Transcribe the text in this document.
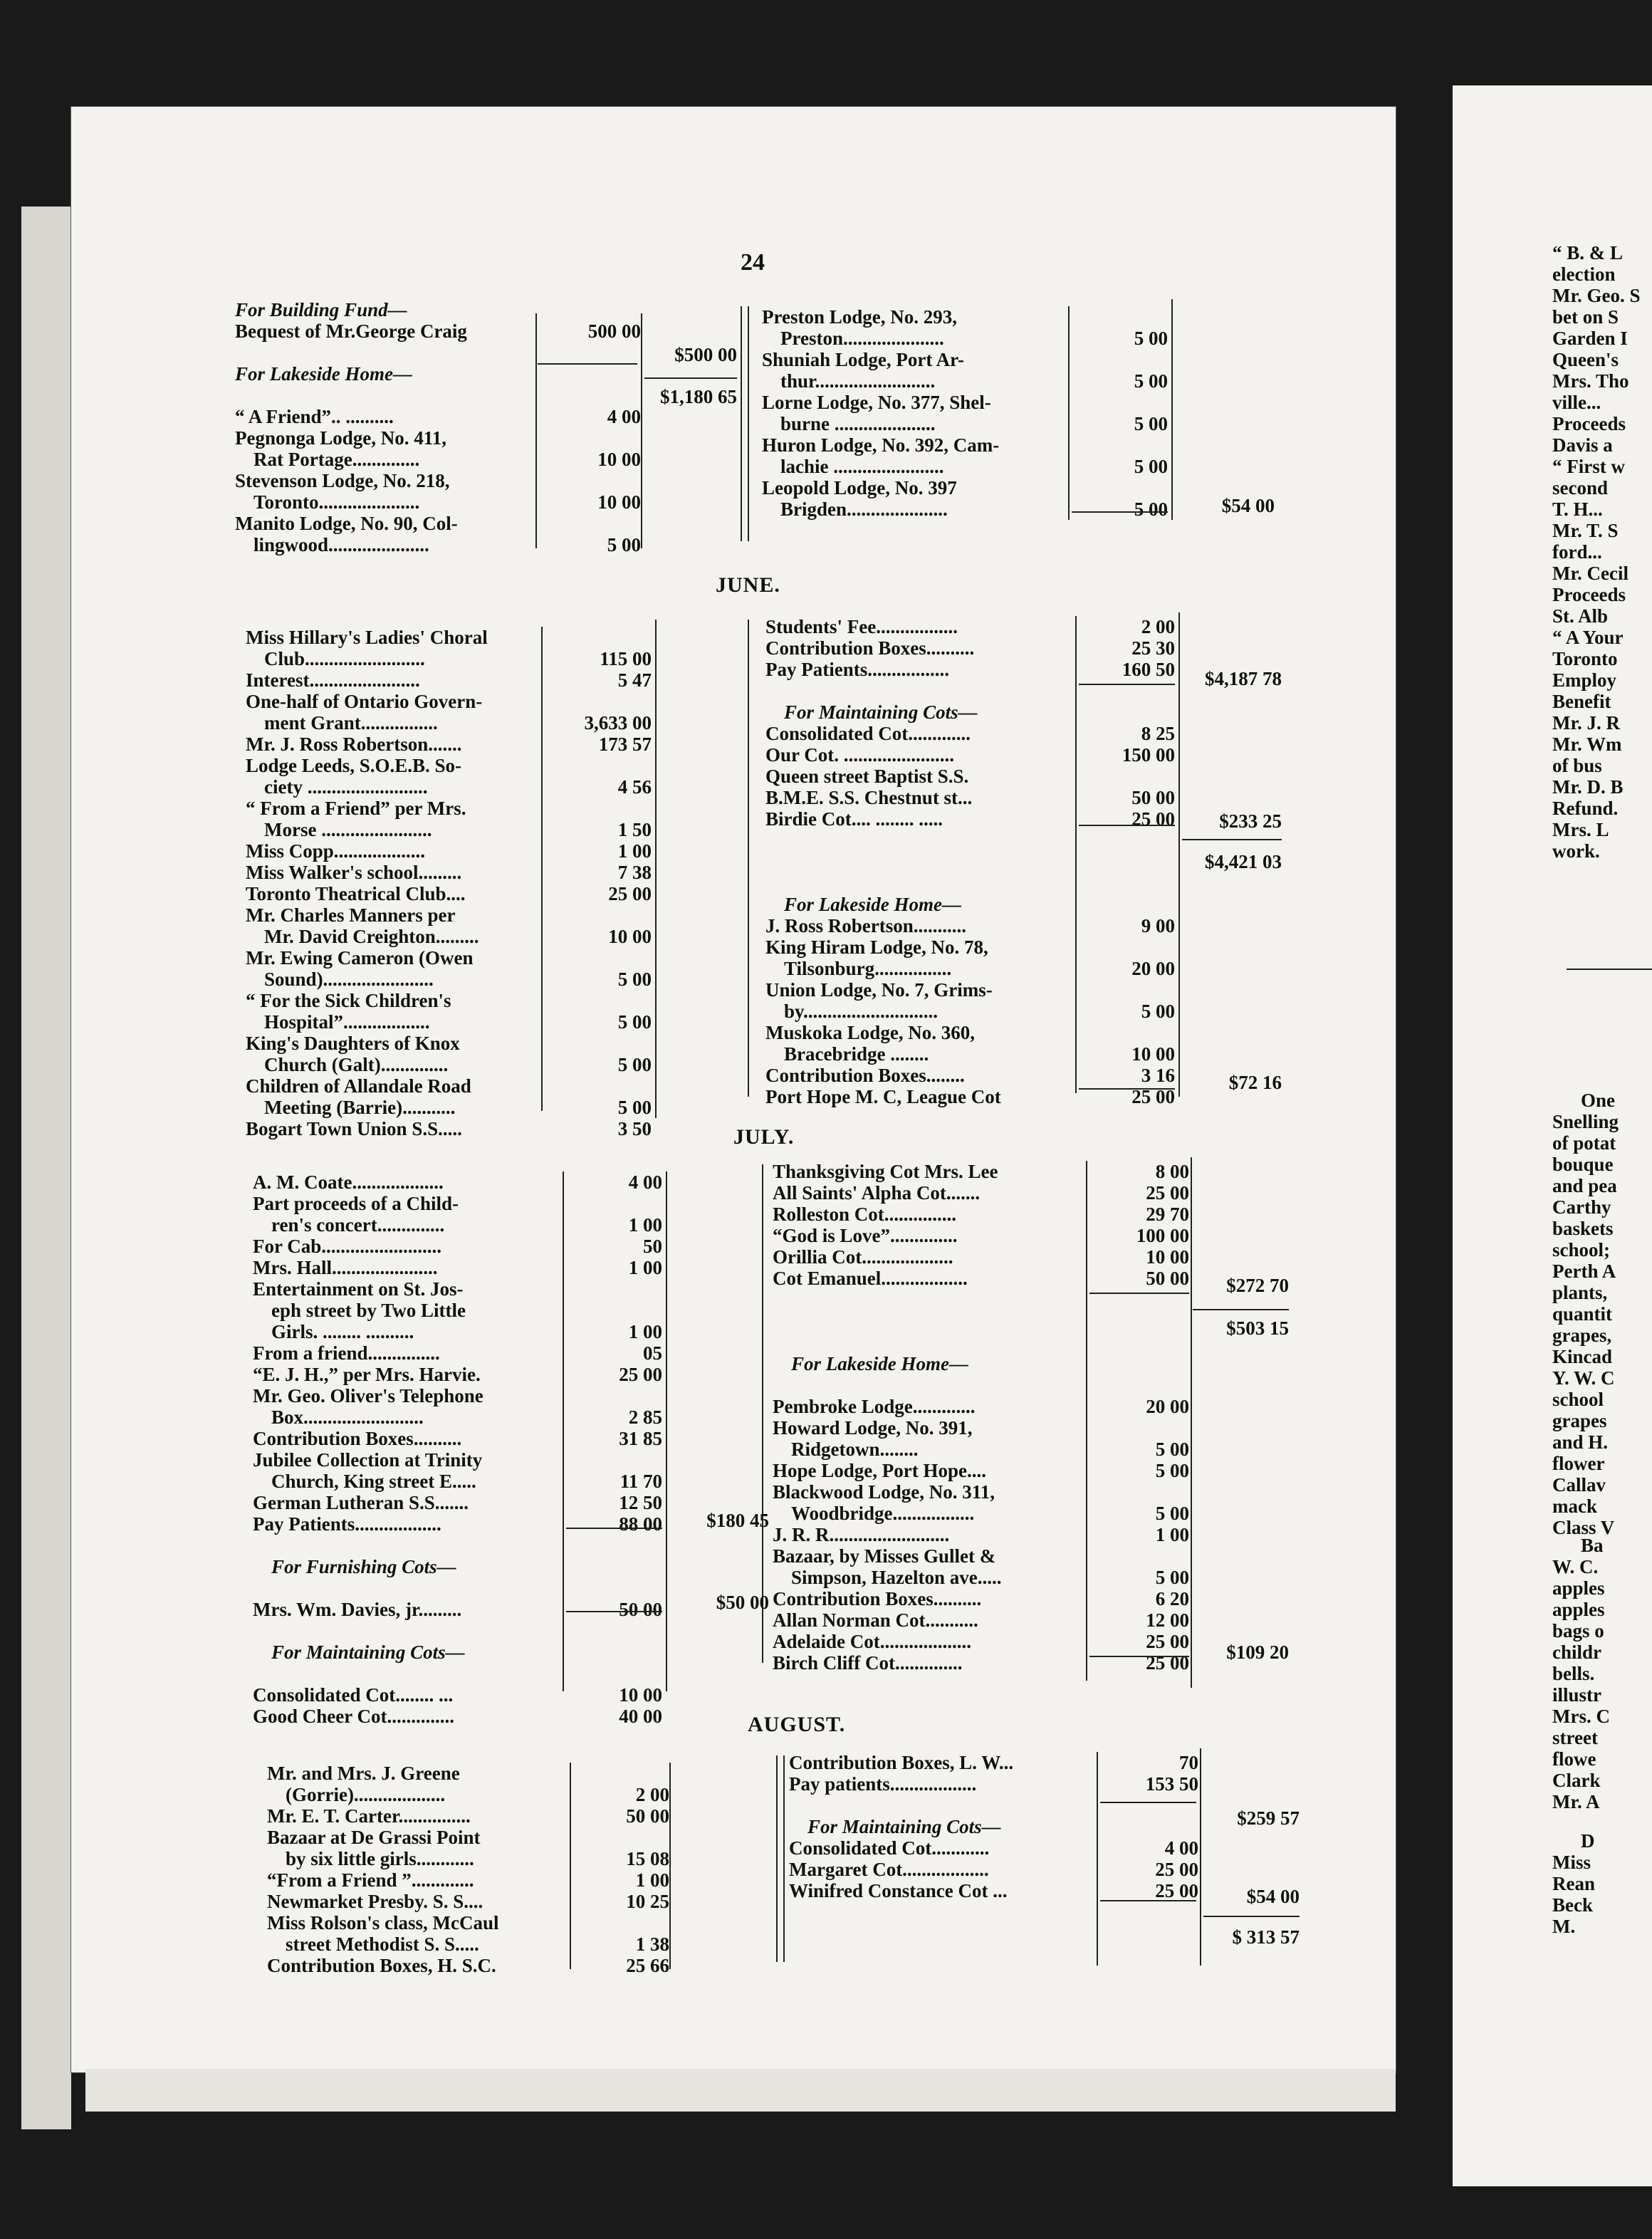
“ B. & L
election
Mr. Geo. S
bet on S
Garden I
Queen's
Mrs. Tho
ville...
Proceeds
Davis a
“ First w
second
T. H...
Mr. T. S
ford...
Mr. Cecil
Proceeds
St. Alb
“ A Your
Toronto
Employ
Benefit
Mr. J. R
Mr. Wm
of bus
Mr. D. B
Refund.
Mrs. L
work.
One
Snelling
of potat
bouque
and pea
Carthy
baskets
school;
Perth A
plants,
quantit
grapes,
Kincad
Y. W. C
school
grapes
and H.
flower
Callav
mack
Class V
Ba
W. C.
apples
apples
bags o
childr
bells.
illustr
Mrs. C
street
flowe
Clark
Mr. A
D
Miss
Rean
Beck
M.
24
For Building Fund—
Bequest of Mr.George Craig	500 00
For Lakeside Home—
“ A Friend”.. ..........	4 00
Pegnonga Lodge, No. 411,
Rat Portage..............	10 00
Stevenson Lodge, No. 218,
Toronto.....................	10 00
Manito Lodge, No. 90, Col-
lingwood.....................	5 00
$500 00
$1,180 65
Preston Lodge, No. 293,
Preston.....................	5 00
Shuniah Lodge, Port Ar-
thur.........................	5 00
Lorne Lodge, No. 377, Shel-
burne .....................	5 00
Huron Lodge, No. 392, Cam-
lachie .......................	5 00
Leopold Lodge, No. 397
Brigden.....................	5 00	$54 00
JUNE.
Miss Hillary's Ladies' Choral
Club.........................	115 00
Interest.......................	5 47
One-half of Ontario Govern-
ment Grant................	3,633 00
Mr. J. Ross Robertson.......	173 57
Lodge Leeds, S.O.E.B. So-
ciety .........................	4 56
“ From a Friend” per Mrs.
Morse .......................	1 50
Miss Copp...................	1 00
Miss Walker's school.........	7 38
Toronto Theatrical Club....	25 00
Mr. Charles Manners per
Mr. David Creighton.........	10 00
Mr. Ewing Cameron (Owen
Sound).......................	5 00
“ For the Sick Children's
Hospital”..................	5 00
King's Daughters of Knox
Church (Galt)..............	5 00
Children of Allandale Road
Meeting (Barrie)...........	5 00
Bogart Town Union S.S.....	3 50
Students' Fee.................	2 00
Contribution Boxes..........	25 30
Pay Patients.................	160 50
For Maintaining Cots—
Consolidated Cot.............	8 25
Our Cot. .......................	150 00
Queen street Baptist S.S.
B.M.E. S.S. Chestnut st...	50 00
Birdie Cot.... ........ .....	25 00
For Lakeside Home—
J. Ross Robertson...........	9 00
King Hiram Lodge, No. 78,
Tilsonburg................	20 00
Union Lodge, No. 7, Grims-
by............................	5 00
Muskoka Lodge, No. 360,
Bracebridge ........	10 00
Contribution Boxes........	3 16
Port Hope M. C, League Cot	25 00
$4,187 78
$233 25
$4,421 03
$72 16
JULY.
A. M. Coate...................	4 00
Part proceeds of a Child-
ren's concert..............	1 00
For Cab.........................	50
Mrs. Hall......................	1 00
Entertainment on St. Jos-
eph street by Two Little
Girls. ........ ..........	1 00
From a friend...............	05
“E. J. H.,” per Mrs. Harvie.	25 00
Mr. Geo. Oliver's Telephone
Box.........................	2 85
Contribution Boxes..........	31 85
Jubilee Collection at Trinity
Church, King street E.....	11 70
German Lutheran S.S.......	12 50
Pay Patients..................	88 00
For Furnishing Cots—
Mrs. Wm. Davies, jr.........	50 00
For Maintaining Cots—
Consolidated Cot........ ...	10 00
Good Cheer Cot..............	40 00
$180 45
$50 00
Thanksgiving Cot Mrs. Lee	8 00
All Saints' Alpha Cot.......	25 00
Rolleston Cot...............	29 70
“God is Love”..............	100 00
Orillia Cot...................	10 00
Cot Emanuel..................	50 00
For Lakeside Home—
Pembroke Lodge.............	20 00
Howard Lodge, No. 391,
Ridgetown........	5 00
Hope Lodge, Port Hope....	5 00
Blackwood Lodge, No. 311,
Woodbridge.................	5 00
J. R. R.........................	1 00
Bazaar, by Misses Gullet &
Simpson, Hazelton ave.....	5 00
Contribution Boxes..........	6 20
Allan Norman Cot...........	12 00
Adelaide Cot...................	25 00
Birch Cliff Cot..............	25 00
$272 70
$503 15
$109 20
AUGUST.
Mr. and Mrs. J. Greene
(Gorrie)...................	2 00
Mr. E. T. Carter...............	50 00
Bazaar at De Grassi Point
by six little girls............	15 08
“From a Friend ”.............	1 00
Newmarket Presby. S. S....	10 25
Miss Rolson's class, McCaul
street Methodist S. S.....	1 38
Contribution Boxes, H. S.C.	25 66
Contribution Boxes, L. W...	70
Pay patients..................	153 50
For Maintaining Cots—
Consolidated Cot............	4 00
Margaret Cot..................	25 00
Winifred Constance Cot ...	25 00
$259 57
$54 00
$ 313 57
